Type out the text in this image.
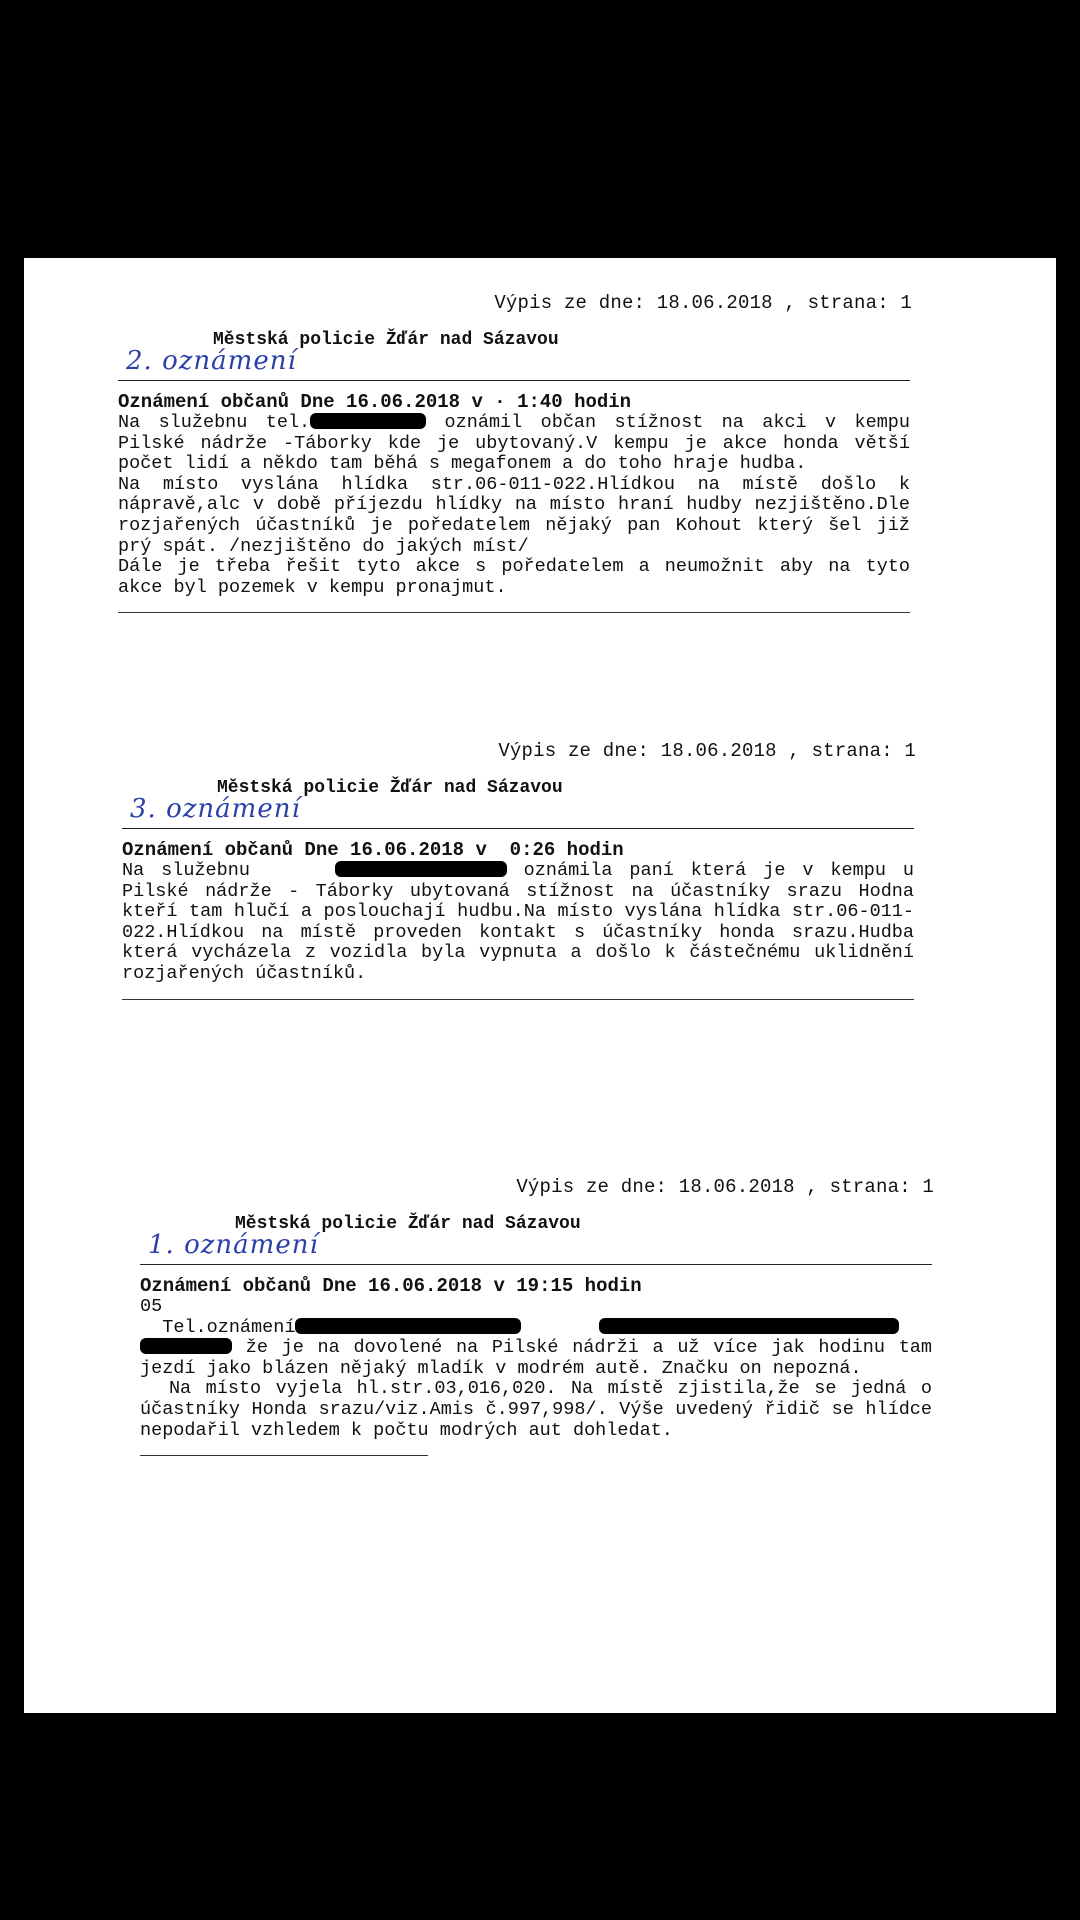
Výpis ze dne: 18.06.2018 , strana: 1
Městská policie Žďár nad Sázavou
2. oznámení
Oznámení občanů Dne 16.06.2018 v · 1:40 hodin
Na služebnu tel.	oznámil občan stížnost na akci v kempu Pilské nádrže -Táborky kde je ubytovaný.V kempu je akce honda větší počet lidí a někdo tam běhá s megafonem a do toho hraje hudba.
Na místo vyslána hlídka str.06-011-022.Hlídkou na místě došlo k nápravě,alc v době příjezdu hlídky na místo hraní hudby nezjištěno.Dle rozjařených účastníků je poředatelem nějaký pan Kohout který šel již prý spát. /nezjištěno do jakých míst/
Dále je třeba řešit tyto akce s poředatelem a neumožnit aby na tyto akce byl pozemek v kempu pronajmut.
Výpis ze dne: 18.06.2018 , strana: 1
Městská policie Žďár nad Sázavou
3. oznámení
Oznámení občanů Dne 16.06.2018 v  0:26 hodin
Na služebnu	oznámila paní která je v kempu u Pilské nádrže - Táborky ubytovaná stížnost na účastníky srazu Hodna kteří tam hlučí a poslouchají hudbu.Na místo vyslána hlídka str.06-011-022.Hlídkou na místě proveden kontakt s účastníky honda srazu.Hudba která vycházela z vozidla byla vypnuta a došlo k částečnému uklidnění rozjařených účastníků.
Výpis ze dne: 18.06.2018 , strana: 1
Městská policie Žďár nad Sázavou
1. oznámení
Oznámení občanů Dne 16.06.2018 v 19:15 hodin
05
Tel.oznámení
že je na dovolené na Pilské nádrži a už více jak hodinu tam jezdí jako blázen nějaký mladík v modrém autě. Značku on nepozná.
Na místo vyjela hl.str.03,016,020. Na místě zjistila,že se jedná o účastníky Honda srazu/viz.Amis č.997,998/. Výše uvedený řidič se hlídce nepodařil vzhledem k počtu modrých aut dohledat.
